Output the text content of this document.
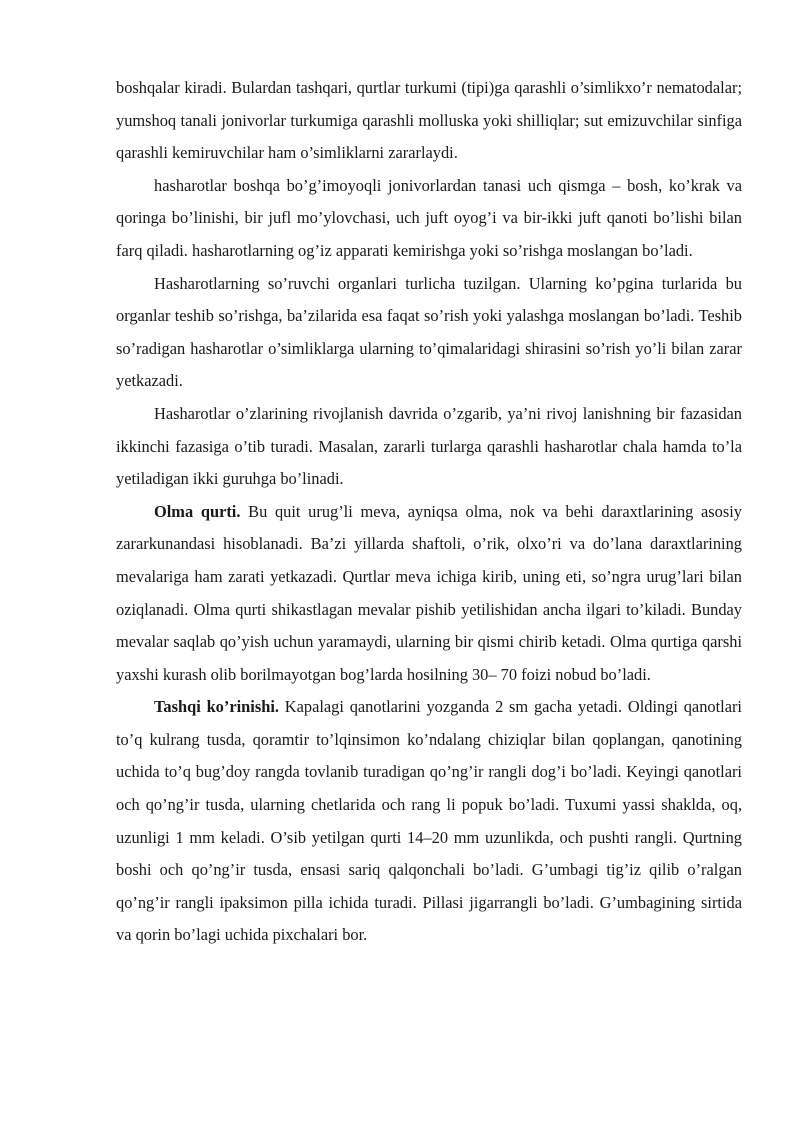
boshqalar kiradi. Bulardan tashqari, qurtlar turkumi (tipi)ga qarashli o’simlikxo’r nematodalar; yumshoq tanali jonivorlar turkumiga qarashli molluska yoki shilliqlar; sut emizuvchilar sinfiga qarashli kemiruvchilar ham o’simliklarni zararlaydi.

hasharotlar boshqa bo’g’imoyoqli jonivorlardan tanasi uch qismga – bosh, ko’krak va qoringa bo’linishi, bir jufl mo’ylovchasi, uch juft oyog’i va bir-ikki juft qanoti bo’lishi bilan farq qiladi. hasharotlarning og’iz apparati kemirishga yoki so’rishga moslangan bo’ladi.

Hasharotlarning so’ruvchi organlari turlicha tuzilgan. Ularning ko’pgina turlarida bu organlar teshib so’rishga, ba’zilarida esa faqat so’rish yoki yalashga moslangan bo’ladi. Teshib so’radigan hasharotlar o’simliklarga ularning to’qimalaridagi shirasini so’rish yo’li bilan zarar yetkazadi.

Hasharotlar o’zlarining rivojlanish davrida o’zgarib, ya’ni rivoj lanishning bir fazasidan ikkinchi fazasiga o’tib turadi. Masalan, zararli turlarga qarashli hasharotlar chala hamda to’la yetiladigan ikki guruhga bo’linadi.

Olma qurti. Bu quit urug’li meva, ayniqsa olma, nok va behi daraxtlarining asosiy zararkunandasi hisoblanadi. Ba’zi yillarda shaftoli, o’rik, olxo’ri va do’lana daraxtlarining mevalariga ham zarati yetkazadi. Qurtlar meva ichiga kirib, uning eti, so’ngra urug’lari bilan oziqlanadi. Olma qurti shikastlagan mevalar pishib yetilishidan ancha ilgari to’kiladi. Bunday mevalar saqlab qo’yish uchun yaramaydi, ularning bir qismi chirib ketadi. Olma qurtiga qarshi yaxshi kurash olib borilmayotgan bog’larda hosilning 30– 70 foizi nobud bo’ladi.

Tashqi ko’rinishi. Kapalagi qanotlarini yozganda 2 sm gacha yetadi. Oldingi qanotlari to’q kulrang tusda, qoramtir to’lqinsimon ko’ndalang chiziqlar bilan qoplangan, qanotining uchida to’q bug’doy rangda tovlanib turadigan qo’ng’ir rangli dog’i bo’ladi. Keyingi qanotlari och qo’ng’ir tusda, ularning chetlarida och rang li popuk bo’ladi. Tuxumi yassi shaklda, oq, uzunligi 1 mm keladi. O’sib yetilgan qurti 14–20 mm uzunlikda, och pushti rangli. Qurtning boshi och qo’ng’ir tusda, ensasi sariq qalqonchali bo’ladi. G’umbagi tig’iz qilib o’ralgan qo’ng’ir rangli ipaksimon pilla ichida turadi. Pillasi jigarrangli bo’ladi. G’umbagining sirtida va qorin bo’lagi uchida pixchalari bor.
